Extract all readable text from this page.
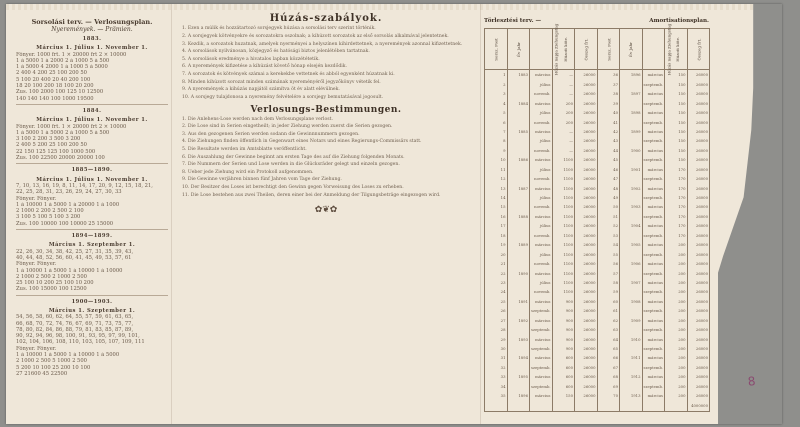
Sorsolási terv. — Verlosungsplan.
Nyeremények. — Prämien.
1883.
Március 1. Július 1. November 1.
Főnyer. 1000 frt. 1 × 20000 frt 2 × 10000
1 à 5000 1 à 2000 2 à 1000 5 à 500
1 à 5000 4 2000 1 à 1000 5 à 5000
2 400 4 200 25 100 200 50
5 100 20 400 20 40 200 100
18 20 100 200 18 100 20 200
Zus. 100 2000 100 125 10 12500
140 140 140 100 1000 19500
1884.
Március 1. Július 1. November 1.
Főnyer. 1000 frt. 1 × 20000 frt 2 × 10000
1 à 5000 1 à 5000 2 à 1000 5 à 500
3 100 2 200 3 500 3 200
2 400 5 200 25 100 200 50
22 150 125 125 100 1000 500
Zus. 100 22500 20000 20000 100
1885—1890.
Március 1. Július 1. November 1.
7, 10, 13, 16, 19, 8, 11, 14, 17, 20, 9, 12, 15, 18, 21,
22, 25, 28, 31, 23, 26, 29, 24, 27, 30, 33
Főnyer. Főnyer.
1 à 10000 1 à 5000 1 à 20000 1 à 1000
2 1000 2 200 2 500 2 100
3 100 5 100 5 100 3 200
Zus. 100 10000 100 10000 25 15000
1894—1899.
Március 1. Szeptember 1.
22, 26, 30, 34, 38, 42, 25, 27, 31, 35, 39, 43,
40, 44, 48, 52, 56, 60, 41, 45, 49, 53, 57, 61
Főnyer. Főnyer.
1 à 10000 1 à 5000 1 à 10000 1 à 10000
2 1000 2 500 2 1000 2 500
25 100 10 200 25 100 10 200
Zus. 100 15000 100 12500
1900—1903.
Március 1. Szeptember 1.
54, 56, 58, 60, 62, 64, 55, 57, 59, 61, 63, 65,
66, 68, 70, 72, 74, 76, 67, 69, 71, 73, 75, 77,
78, 80, 82, 84, 86, 88, 79, 81, 83, 85, 87, 89,
90, 92, 94, 96, 98, 100, 91, 93, 95, 97, 99, 101,
102, 104, 106, 108, 110, 103, 105, 107, 109, 111
Főnyer. Főnyer.
1 à 10000 1 à 5000 1 à 10000 1 à 5000
2 1000 2 500 5 1000 2 500
5 200 10 100 25 200 10 100
27 21600 45 22500
Húzás-szabályok.

1. Ezen a múlik és hozzátartozó sorsjegyek húzása a sorsolási terv szerint történik.

2. A sorsjegyek kötvényekre és sorozatokra oszolnak; a kihúzott sorozatok az első sorsolás alkalmával jelentetnek.

3. Kezdik, a sorozatok huzatnak, amelyek nyerményei a helyszínen kihirdettetnek, a nyeremények azonnal kifizettetnek.

4. A sorsolások nyilvánosan, közjegyző és hatósági biztos jelenlétében tartatnak.

5. A sorsolások eredménye a hivatalos lapban közzététetik.

6. A nyeremények kifizetése a kihúzást követő hónap elsején kezdődik.

7. A sorozatok és kötvények számai a kerekekbe vettetnek és abból egyenként húzatnak ki.

8. Minden kihúzott sorozat minden számának nyereményéről jegyzőkönyv vétetik fel.

9. A nyeremények a kihúzás napjától számítva öt év alatt elévülnek.

10. A sorsjegy tulajdonosa a nyeremény felvételére a sorsjegy bemutatásával jogosult.

Verlosungs-Bestimmungen.

1. Die Anlehens-Lose werden nach dem Verlosungsplane verlost.

2. Die Lose sind in Serien eingetheilt; in jeder Ziehung werden zuerst die Serien gezogen.

3. Aus den gezogenen Serien werden sodann die Gewinnnummern gezogen.

4. Die Ziehungen finden öffentlich in Gegenwart eines Notars und eines Regierungs-Commissärs statt.

5. Die Resultate werden im Amtsblatte veröffentlicht.

6. Die Auszahlung der Gewinne beginnt am ersten Tage des auf die Ziehung folgenden Monats.

7. Die Nummern der Serien und Lose werden in die Glücksräder gelegt und einzeln gezogen.

8. Ueber jede Ziehung wird ein Protokoll aufgenommen.

9. Die Gewinne verjähren binnen fünf Jahren vom Tage der Ziehung.

10. Der Besitzer des Loses ist berechtigt den Gewinn gegen Vorweisung des Loses zu erheben.

11. Die Lose bestehen aus zwei Theilen, deren einer bei der Anmeldung der Tilgungsbeträge eingezogen wird.

✿❦✿
Törlesztési terv. —	Amortisationsplan.
Sorsz. Post	Év Jahr	Húzás napja Ziehungstag	Húzott kötv.	Összeg frt.	Sorsz. Post	Év Jahr	Húzás napja Ziehungstag	Húzott kötv.	Összeg frt.
1	1883	március	—	26000	36	1896	március	150	26000
2		július	—	26000	37		szeptemb.	150	26000
3		novemb.	—	26000	38	1897	március	150	26000
4	1884	március	200	26000	39		szeptemb.	150	26000
5		július	200	26000	40	1898	március	150	26000
6		novemb.	200	26000	41		szeptemb.	150	26000
7	1885	március	—	26000	42	1899	március	150	26000
8		július	—	26000	43		szeptemb.	150	26000
9		novemb.	—	26000	44	1900	március	150	26000
10	1886	március	1100	26000	45		szeptemb.	150	26000
11		július	1100	26000	46	1901	március	170	26000
12		novemb.	1100	26000	47		szeptemb.	170	26000
13	1887	március	1100	26000	48	1902	március	170	26000
14		július	1100	26000	49		szeptemb.	170	26000
15		novemb.	1100	26000	50	1903	március	170	26000
16	1888	március	1100	26000	51		szeptemb.	170	26000
17		július	1100	26000	52	1904	március	170	26000
18		novemb.	1100	26000	53		szeptemb.	170	26000
19	1889	március	1100	26000	54	1905	március	200	26000
20		július	1100	26000	55		szeptemb.	200	26000
21		novemb.	1100	26000	56	1906	március	200	26000
22	1890	március	1100	26000	57		szeptemb.	200	26000
23		július	1100	26000	58	1907	március	200	26000
24		novemb.	1100	26000	59		szeptemb.	200	26000
25	1891	március	900	26000	60	1908	március	200	26000
26		szeptemb.	900	26000	61		szeptemb.	200	26000
27	1892	március	900	26000	62	1909	március	200	26000
28		szeptemb.	900	26000	63		szeptemb.	200	26000
29	1893	március	900	26000	64	1910	március	200	26000
30		szeptemb.	900	26000	65		szeptemb.	200	26000
31	1894	március	600	26000	66	1911	március	200	26000
32		szeptemb.	600	26000	67		szeptemb.	200	26000
33	1895	március	600	26000	68	1912	március	200	26000
34		szeptemb.	600	26000	69		szeptemb.	200	26000
35	1896	március	150	26000	70	1913	március	200	26000
									4000000
8
